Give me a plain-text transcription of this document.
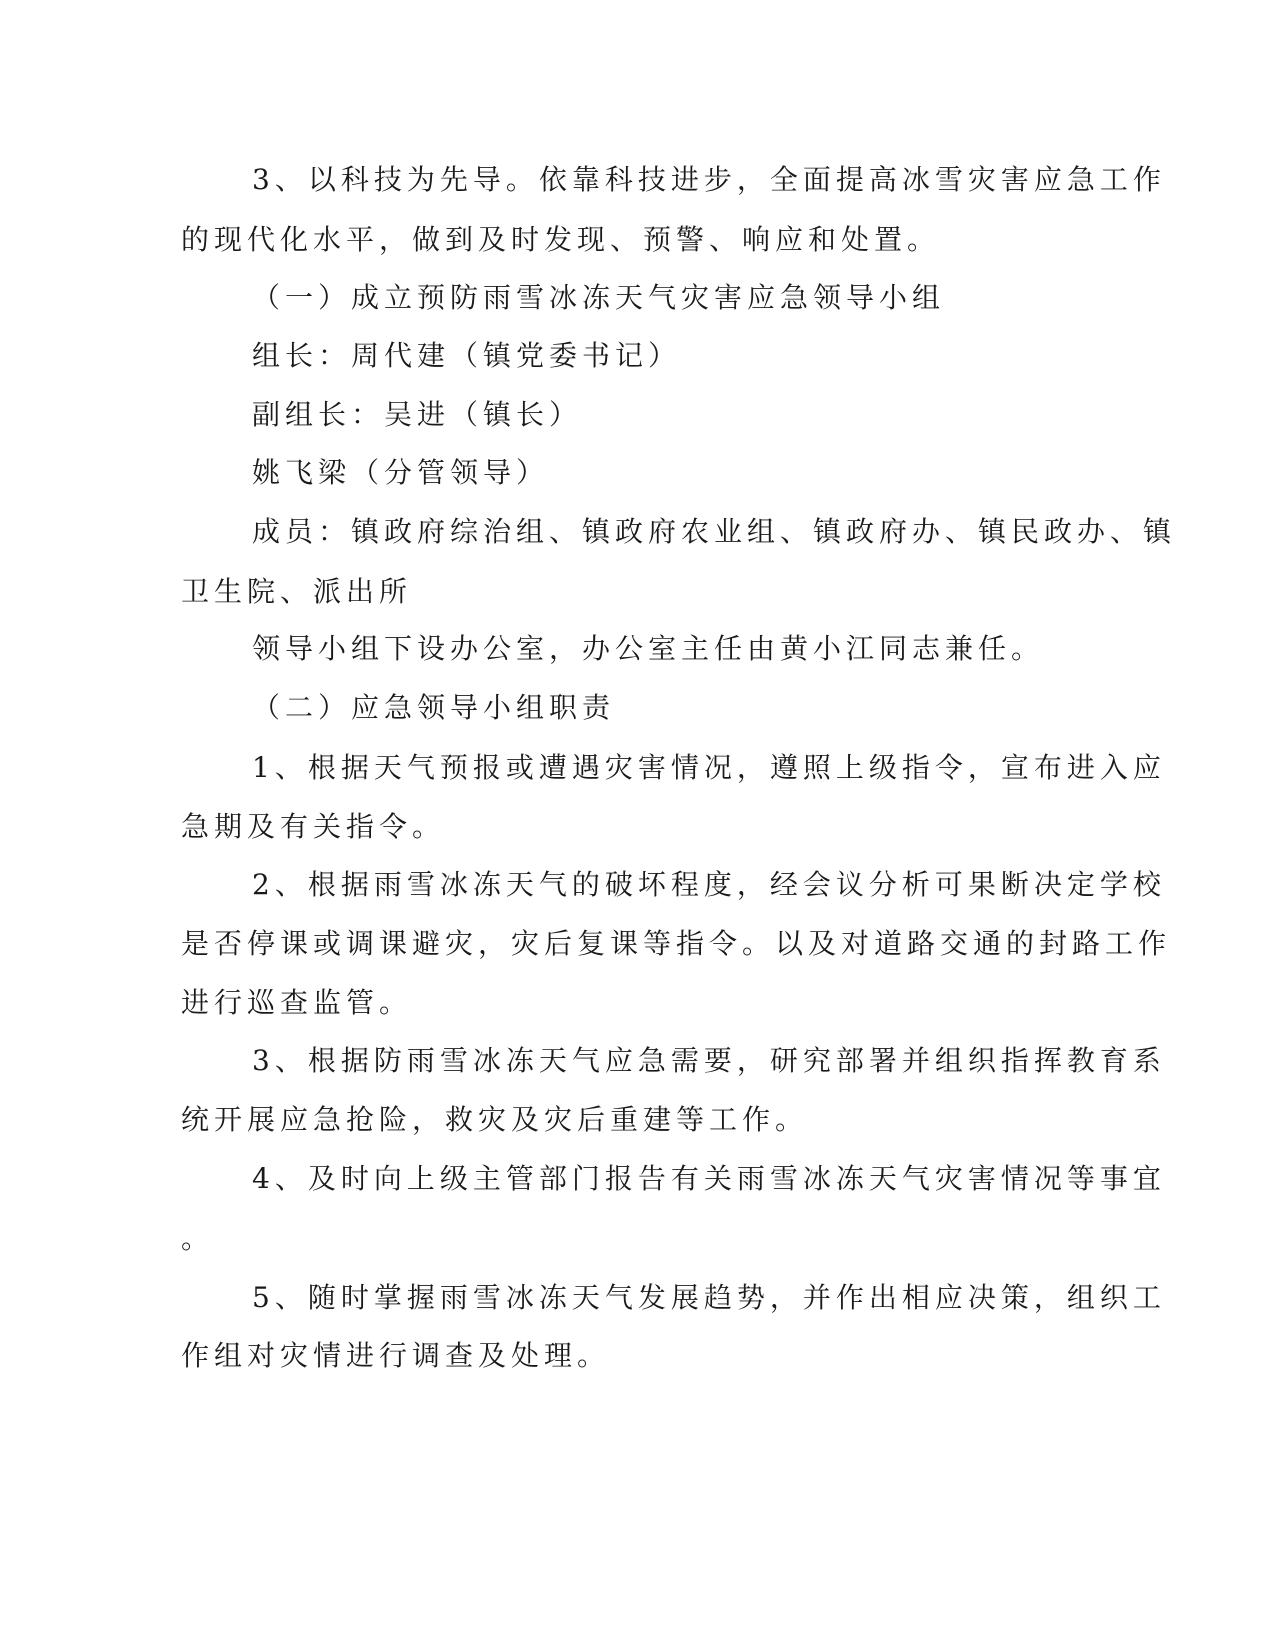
3、以科技为先导。依靠科技进步，全面提高冰雪灾害应急工作
的现代化水平，做到及时发现、预警、响应和处置。
（一）成立预防雨雪冰冻天气灾害应急领导小组
组长：周代建（镇党委书记）
副组长：吴进（镇长）
姚飞梁（分管领导）
成员：镇政府综治组、镇政府农业组、镇政府办、镇民政办、镇
卫生院、派出所
领导小组下设办公室，办公室主任由黄小江同志兼任。
（二）应急领导小组职责
1、根据天气预报或遭遇灾害情况，遵照上级指令，宣布进入应
急期及有关指令。
2、根据雨雪冰冻天气的破坏程度，经会议分析可果断决定学校
是否停课或调课避灾，灾后复课等指令。以及对道路交通的封路工作
进行巡查监管。
3、根据防雨雪冰冻天气应急需要，研究部署并组织指挥教育系
统开展应急抢险，救灾及灾后重建等工作。
4、及时向上级主管部门报告有关雨雪冰冻天气灾害情况等事宜
。
5、随时掌握雨雪冰冻天气发展趋势，并作出相应决策，组织工
作组对灾情进行调查及处理。
